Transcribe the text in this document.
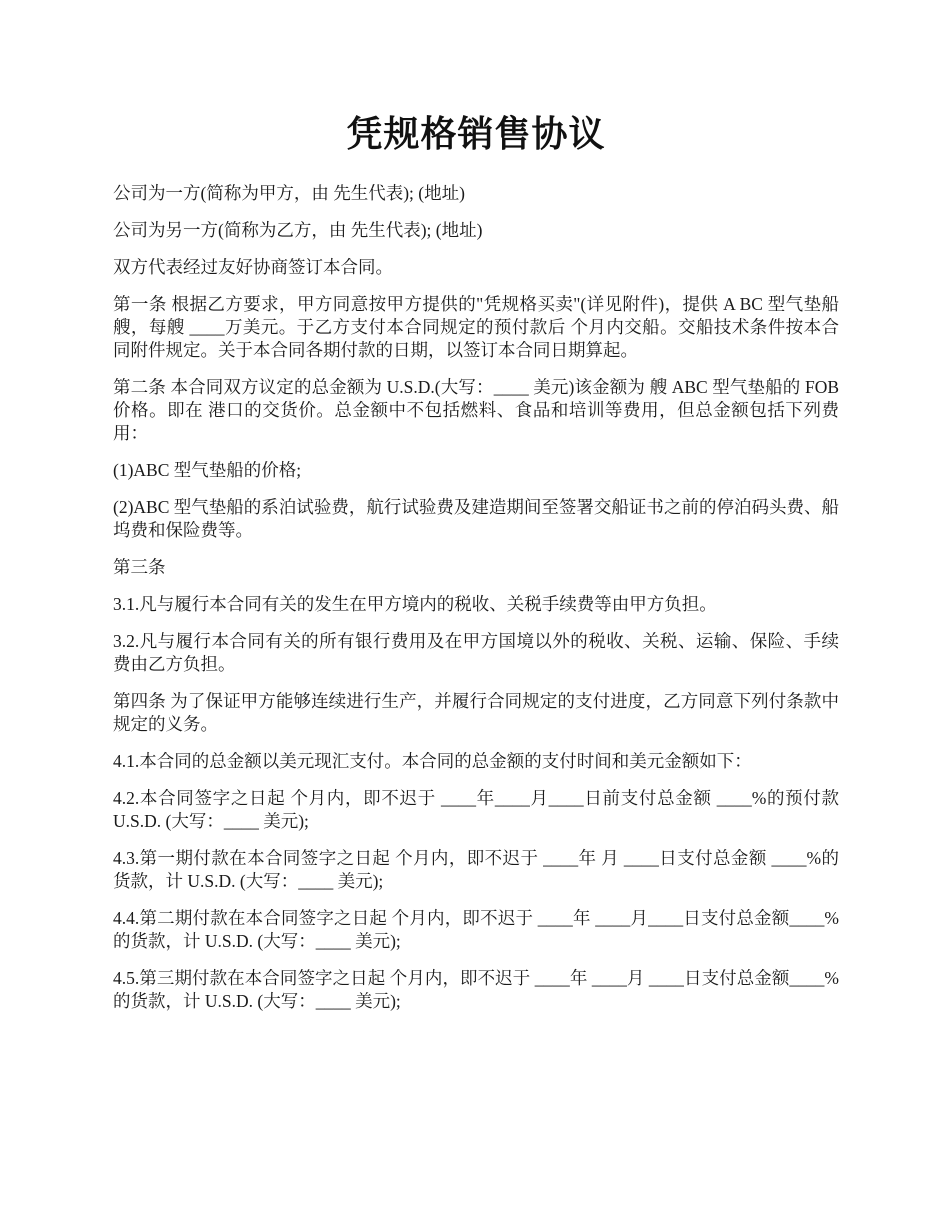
凭规格销售协议

公司为一方(简称为甲方，由 先生代表); (地址)

公司为另一方(简称为乙方，由 先生代表); (地址)

双方代表经过友好协商签订本合同。

第一条 根据乙方要求，甲方同意按甲方提供的"凭规格买卖"(详见附件)，提供 A BC 型气垫船 艘，每艘 ____万美元。于乙方支付本合同规定的预付款后 个月内交船。交船技术条件按本合同附件规定。关于本合同各期付款的日期，以签订本合同日期算起。

第二条 本合同双方议定的总金额为 U.S.D.(大写：____ 美元)该金额为 艘 ABC 型气垫船的 FOB 价格。即在 港口的交货价。总金额中不包括燃料、食品和培训等费用，但总金额包括下列费用：

(1)ABC 型气垫船的价格;

(2)ABC 型气垫船的系泊试验费，航行试验费及建造期间至签署交船证书之前的停泊码头费、船坞费和保险费等。

第三条

3.1.凡与履行本合同有关的发生在甲方境内的税收、关税手续费等由甲方负担。

3.2.凡与履行本合同有关的所有银行费用及在甲方国境以外的税收、关税、运输、保险、手续费由乙方负担。

第四条 为了保证甲方能够连续进行生产，并履行合同规定的支付进度，乙方同意下列付条款中规定的义务。

4.1.本合同的总金额以美元现汇支付。本合同的总金额的支付时间和美元金额如下：

4.2.本合同签字之日起 个月内，即不迟于 ____年____月____日前支付总金额 ____%的预付款 U.S.D. (大写：____ 美元);

4.3.第一期付款在本合同签字之日起 个月内，即不迟于 ____年 月 ____日支付总金额 ____%的货款，计 U.S.D. (大写：____ 美元);

4.4.第二期付款在本合同签字之日起 个月内，即不迟于 ____年 ____月____日支付总金额____%的货款，计 U.S.D. (大写：____ 美元);

4.5.第三期付款在本合同签字之日起 个月内，即不迟于 ____年 ____月 ____日支付总金额____%的货款，计 U.S.D. (大写：____ 美元);
